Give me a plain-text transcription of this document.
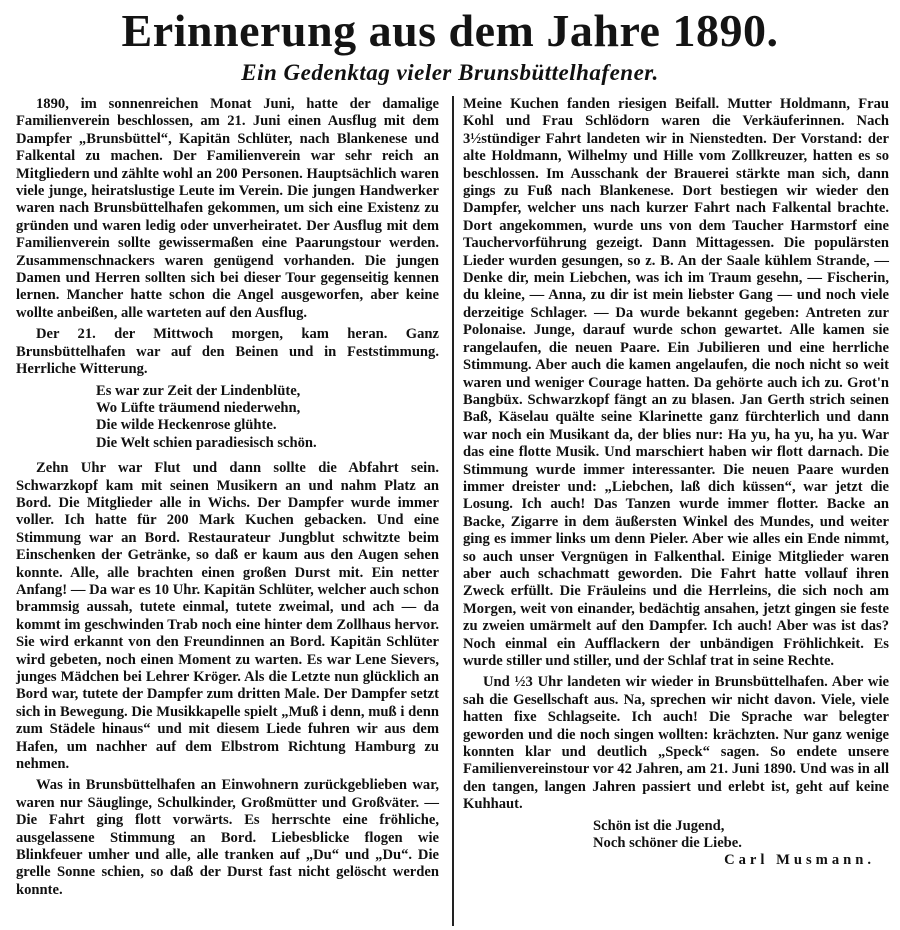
Erinnerung aus dem Jahre 1890.
Ein Gedenktag vieler Brunsbüttelhafener.

1890, im sonnenreichen Monat Juni, hatte der damalige Familienverein beschlossen, am 21. Juni einen Ausflug mit dem Dampfer „Brunsbüttel“, Kapitän Schlüter, nach Blankenese und Falkental zu machen. Der Familienverein war sehr reich an Mitgliedern und zählte wohl an 200 Personen. Hauptsächlich waren viele junge, heiratslustige Leute im Verein. Die jungen Handwerker waren nach Brunsbüttelhafen gekommen, um sich eine Existenz zu gründen und waren ledig oder unverheiratet. Der Ausflug mit dem Familienverein sollte gewissermaßen eine Paarungstour werden. Zusammenschnackers waren genügend vorhanden. Die jungen Damen und Herren sollten sich bei dieser Tour gegenseitig kennen lernen. Mancher hatte schon die Angel ausgeworfen, aber keine wollte anbeißen, alle warteten auf den Ausflug.

Der 21. der Mittwoch morgen, kam heran. Ganz Brunsbüttelhafen war auf den Beinen und in Feststimmung. Herrliche Witterung.

Es war zur Zeit der Lindenblüte,
Wo Lüfte träumend niederwehn,
Die wilde Heckenrose glühte.
Die Welt schien paradiesisch schön.

Zehn Uhr war Flut und dann sollte die Abfahrt sein. Schwarzkopf kam mit seinen Musikern an und nahm Platz an Bord. Die Mitglieder alle in Wichs. Der Dampfer wurde immer voller. Ich hatte für 200 Mark Kuchen gebacken. Und eine Stimmung war an Bord. Restaurateur Jungblut schwitzte beim Einschenken der Getränke, so daß er kaum aus den Augen sehen konnte. Alle, alle brachten einen großen Durst mit. Ein netter Anfang! — Da war es 10 Uhr. Kapitän Schlüter, welcher auch schon brammsig aussah, tutete einmal, tutete zweimal, und ach — da kommt im geschwinden Trab noch eine hinter dem Zollhaus hervor. Sie wird erkannt von den Freundinnen an Bord. Kapitän Schlüter wird gebeten, noch einen Moment zu warten. Es war Lene Sievers, junges Mädchen bei Lehrer Kröger. Als die Letzte nun glücklich an Bord war, tutete der Dampfer zum dritten Male. Der Dampfer setzt sich in Bewegung. Die Musikkapelle spielt „Muß i denn, muß i denn zum Städele hinaus“ und mit diesem Liede fuhren wir aus dem Hafen, um nachher auf dem Elbstrom Richtung Hamburg zu nehmen.

Was in Brunsbüttelhafen an Einwohnern zurückgeblieben war, waren nur Säuglinge, Schulkinder, Großmütter und Großväter. — Die Fahrt ging flott vorwärts. Es herrschte eine fröhliche, ausgelassene Stimmung an Bord. Liebesblicke flogen wie Blinkfeuer umher und alle, alle tranken auf „Du“ und „Du“. Die grelle Sonne schien, so daß der Durst fast nicht gelöscht werden konnte.

Meine Kuchen fanden riesigen Beifall. Mutter Holdmann, Frau Kohl und Frau Schlödorn waren die Verkäuferinnen. Nach 3½stündiger Fahrt landeten wir in Nienstedten. Der Vorstand: der alte Holdmann, Wilhelmy und Hille vom Zollkreuzer, hatten es so beschlossen. Im Ausschank der Brauerei stärkte man sich, dann gings zu Fuß nach Blankenese. Dort bestiegen wir wieder den Dampfer, welcher uns nach kurzer Fahrt nach Falkental brachte. Dort angekommen, wurde uns von dem Taucher Harmstorf eine Tauchervorführung gezeigt. Dann Mittagessen. Die populärsten Lieder wurden gesungen, so z. B. An der Saale kühlem Strande, — Denke dir, mein Liebchen, was ich im Traum gesehn, — Fischerin, du kleine, — Anna, zu dir ist mein liebster Gang — und noch viele derzeitige Schlager. — Da wurde bekannt gegeben: Antreten zur Polonaise. Junge, darauf wurde schon gewartet. Alle kamen sie rangelaufen, die neuen Paare. Ein Jubilieren und eine herrliche Stimmung. Aber auch die kamen angelaufen, die noch nicht so weit waren und weniger Courage hatten. Da gehörte auch ich zu. Grot'n Bangbüx. Schwarzkopf fängt an zu blasen. Jan Gerth strich seinen Baß, Käselau quälte seine Klarinette ganz fürchterlich und dann war noch ein Musikant da, der blies nur: Ha yu, ha yu, ha yu. War das eine flotte Musik. Und marschiert haben wir flott darnach. Die Stimmung wurde immer interessanter. Die neuen Paare wurden immer dreister und: „Liebchen, laß dich küssen“, war jetzt die Losung. Ich auch! Das Tanzen wurde immer flotter. Backe an Backe, Zigarre in dem äußersten Winkel des Mundes, und weiter ging es immer links um denn Pieler. Aber wie alles ein Ende nimmt, so auch unser Vergnügen in Falkenthal. Einige Mitglieder waren aber auch schachmatt geworden. Die Fahrt hatte vollauf ihren Zweck erfüllt. Die Fräuleins und die Herrleins, die sich noch am Morgen, weit von einander, bedächtig ansahen, jetzt gingen sie feste zu zweien umärmelt auf den Dampfer. Ich auch! Aber was ist das? Noch einmal ein Aufflackern der unbändigen Fröhlichkeit. Es wurde stiller und stiller, und der Schlaf trat in seine Rechte.

Und ½3 Uhr landeten wir wieder in Brunsbüttelhafen. Aber wie sah die Gesellschaft aus. Na, sprechen wir nicht davon. Viele, viele hatten fixe Schlagseite. Ich auch! Die Sprache war belegter geworden und die noch singen wollten: krächzten. Nur ganz wenige konnten klar und deutlich „Speck“ sagen. So endete unsere Familienvereinstour vor 42 Jahren, am 21. Juni 1890. Und was in all den tangen, langen Jahren passiert und erlebt ist, geht auf keine Kuhhaut.

Schön ist die Jugend,
Noch schöner die Liebe.
Carl Musmann.
